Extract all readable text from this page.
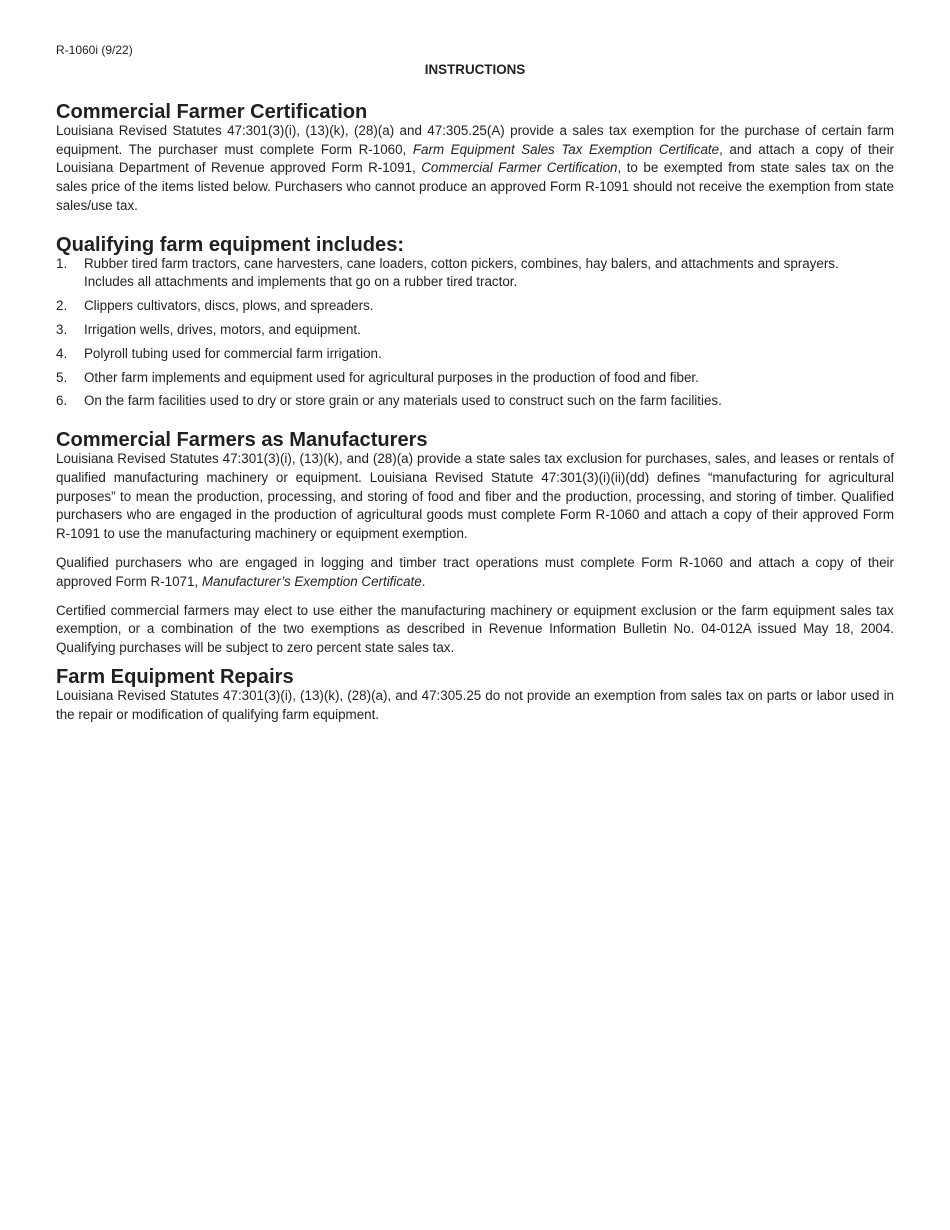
R-1060i (9/22)

INSTRUCTIONS
Commercial Farmer Certification

Louisiana Revised Statutes 47:301(3)(i), (13)(k), (28)(a) and 47:305.25(A) provide a sales tax exemption for the purchase of certain farm equipment. The purchaser must complete Form R-1060, Farm Equipment Sales Tax Exemption Certificate, and attach a copy of their Louisiana Department of Revenue approved Form R-1091, Commercial Farmer Certification, to be exempted from state sales tax on the sales price of the items listed below. Purchasers who cannot produce an approved Form R-1091 should not receive the exemption from state sales/use tax.

Qualifying farm equipment includes:
1.	Rubber tired farm tractors, cane harvesters, cane loaders, cotton pickers, combines, hay balers, and attachments and sprayers.
Includes all attachments and implements that go on a rubber tired tractor.
2.	Clippers cultivators, discs, plows, and spreaders.
3.	Irrigation wells, drives, motors, and equipment.
4.	Polyroll tubing used for commercial farm irrigation.
5.	Other farm implements and equipment used for agricultural purposes in the production of food and fiber.
6.	On the farm facilities used to dry or store grain or any materials used to construct such on the farm facilities.
Commercial Farmers as Manufacturers

Louisiana Revised Statutes 47:301(3)(i), (13)(k), and (28)(a) provide a state sales tax exclusion for purchases, sales, and leases or rentals of qualified manufacturing machinery or equipment. Louisiana Revised Statute 47:301(3)(i)(ii)(dd) defines “manufacturing for agricultural purposes” to mean the production, processing, and storing of food and fiber and the production, processing, and storing of timber. Qualified purchasers who are engaged in the production of agricultural goods must complete Form R-1060 and attach a copy of their approved Form R-1091 to use the manufacturing machinery or equipment exemption.

Qualified purchasers who are engaged in logging and timber tract operations must complete Form R-1060 and attach a copy of their approved Form R-1071, Manufacturer’s Exemption Certificate.

Certified commercial farmers may elect to use either the manufacturing machinery or equipment exclusion or the farm equipment sales tax exemption, or a combination of the two exemptions as described in Revenue Information Bulletin No. 04-012A issued May 18, 2004. Qualifying purchases will be subject to zero percent state sales tax.

Farm Equipment Repairs

Louisiana Revised Statutes 47:301(3)(i), (13)(k), (28)(a), and 47:305.25 do not provide an exemption from sales tax on parts or labor used in the repair or modification of qualifying farm equipment.
